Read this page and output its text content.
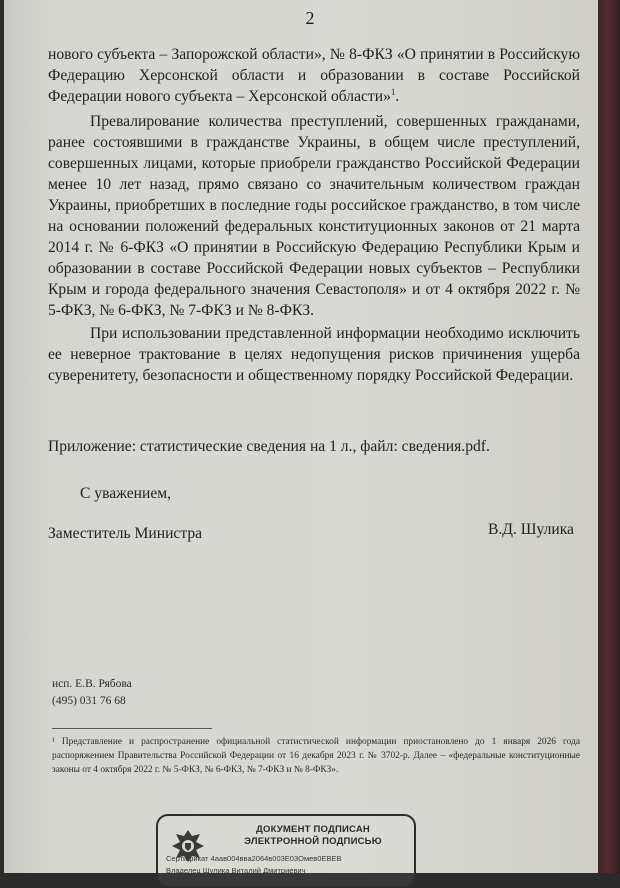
2

нового субъекта – Запорожской области», № 8-ФКЗ «О принятии в Российскую Федерацию Херсонской области и образовании в составе Российской Федерации нового субъекта – Херсонской области»$^1$.

Превалирование количества преступлений, совершенных гражданами, ранее состоявшими в гражданстве Украины, в общем числе преступлений, совершенных лицами, которые приобрели гражданство Российской Федерации менее 10 лет назад, прямо связано со значительным количеством граждан Украины, приобретших в последние годы российское гражданство, в том числе на основании положений федеральных конституционных законов от 21 марта 2014 г. № 6-ФКЗ «О принятии в Российскую Федерацию Республики Крым и образовании в составе Российской Федерации новых субъектов – Республики Крым и города федерального значения Севастополя» и от 4 октября 2022 г. № 5-ФКЗ, № 6-ФКЗ, № 7-ФКЗ и № 8-ФКЗ.

При использовании представленной информации необходимо исключить ее неверное трактование в целях недопущения рисков причинения ущерба суверенитету, безопасности и общественному порядку Российской Федерации.

Приложение: статистические сведения на 1 л., файл: сведения.pdf.
С уважением,
Заместитель Министра	В.Д. Шулика
исп. Е.В. Рябова
(495) 031 76 68
¹ Представление и распространение официальной статистической информации приостановлено до 1 января 2026 года распоряжением Правительства Российской Федерации от 16 декабря 2023 г. № 3702-р. Далее – «федеральные конституционные законы от 4 октября 2022 г. № 5-ФКЗ, № 6-ФКЗ, № 7-ФКЗ и № 8-ФКЗ».
ДОКУМЕНТ ПОДПИСАН
ЭЛЕКТРОННОЙ ПОДПИСЬЮ
Сертификат 4аав004вва2064в003Е03Омев0ЕВЕВ
Владелец Шулика Виталий Дмитриевич
